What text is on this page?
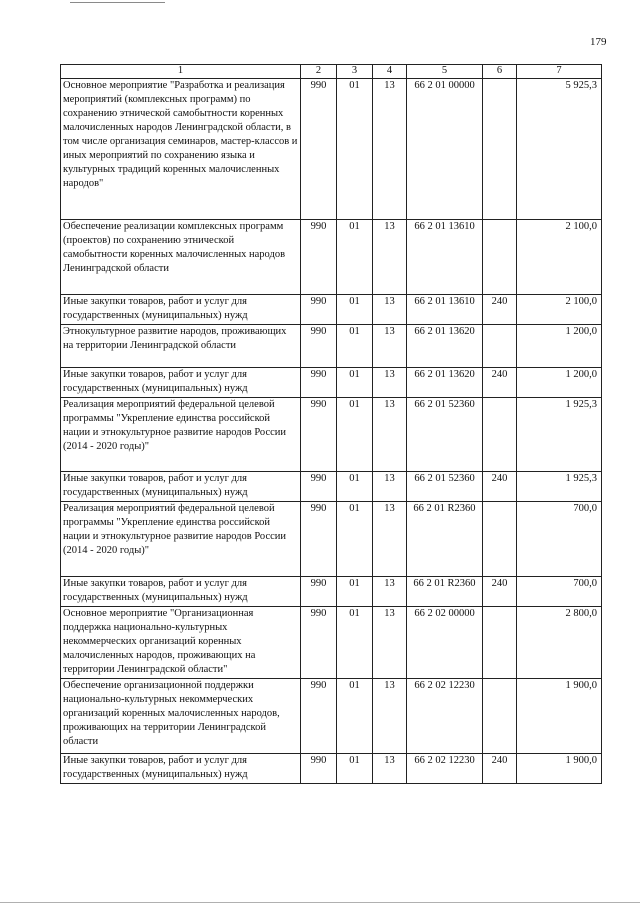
179
1	2	3	4	5	6	7
Основное мероприятие "Разработка и реализация мероприятий (комплексных программ) по сохранению этнической самобытности коренных малочисленных народов Ленинградской области, в том числе организация семинаров, мастер-классов и иных мероприятий по сохранению языка и культурных традиций коренных малочисленных народов"	990	01	13	66 2 01 00000		5 925,3
Обеспечение реализации комплексных программ (проектов) по сохранению этнической самобытности коренных малочисленных народов Ленинградской области	990	01	13	66 2 01 13610		2 100,0
Иные закупки товаров, работ и услуг для государственных (муниципальных) нужд	990	01	13	66 2 01 13610	240	2 100,0
Этнокультурное развитие народов, проживающих на территории Ленинградской области	990	01	13	66 2 01 13620		1 200,0
Иные закупки товаров, работ и услуг для государственных (муниципальных) нужд	990	01	13	66 2 01 13620	240	1 200,0
Реализация мероприятий федеральной целевой программы "Укрепление единства российской нации и этнокультурное развитие народов России (2014 - 2020 годы)"	990	01	13	66 2 01 52360		1 925,3
Иные закупки товаров, работ и услуг для государственных (муниципальных) нужд	990	01	13	66 2 01 52360	240	1 925,3
Реализация мероприятий федеральной целевой программы "Укрепление единства российской нации и этнокультурное развитие народов России (2014 - 2020 годы)"	990	01	13	66 2 01 R2360		700,0
Иные закупки товаров, работ и услуг для государственных (муниципальных) нужд	990	01	13	66 2 01 R2360	240	700,0
Основное мероприятие "Организационная поддержка национально-культурных некоммерческих организаций коренных малочисленных народов, проживающих на территории Ленинградской области"	990	01	13	66 2 02 00000		2 800,0
Обеспечение организационной поддержки национально-культурных некоммерческих организаций коренных малочисленных народов, проживающих на территории Ленинградской области	990	01	13	66 2 02 12230		1 900,0
Иные закупки товаров, работ и услуг для государственных (муниципальных) нужд	990	01	13	66 2 02 12230	240	1 900,0
